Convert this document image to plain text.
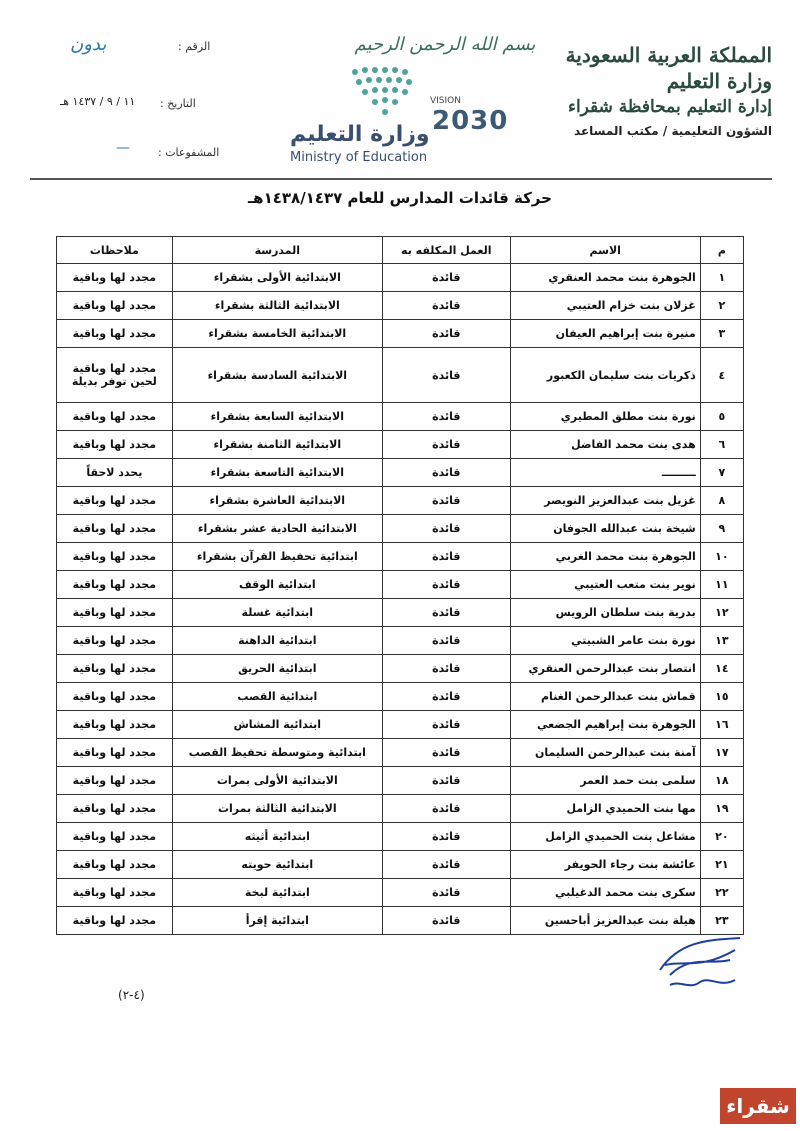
المملكة العربية السعودية
وزارة التعليم
إدارة التعليم بمحافظة شقراء
الشؤون التعليمية / مكتب المساعد
بسم الله الرحمن الرحيم
VISION
2030
وزارة التعليم
Ministry of Education
الرقم :
بدون
التاريخ :
١١ / ٩ / ١٤٣٧ هـ
المشفوعات :
—
حركة قائدات المدارس للعام ١٤٣٨/١٤٣٧هـ
م	الاسم	العمل المكلفه به	المدرسة	ملاحظات
١	الجوهرة بنت محمد العنقري	قائدة	الابتدائية الأولى بشقراء	مجدد لها وباقية
٢	غزلان بنت خزام العتيبي	قائدة	الابتدائية الثالثة بشقراء	مجدد لها وباقية
٣	منيرة بنت إبراهيم العيفان	قائدة	الابتدائية الخامسة بشقراء	مجدد لها وباقية
٤	ذكريات بنت سليمان الكعبور	قائدة	الابتدائية السادسة بشقراء	مجدد لها وباقية لحين توفر بديلة
٥	نورة بنت مطلق المطيري	قائدة	الابتدائية السابعة بشقراء	مجدد لها وباقية
٦	هدى بنت محمد الفاضل	قائدة	الابتدائية الثامنة بشقراء	مجدد لها وباقية
٧	ـــــــــ	قائدة	الابتدائية التاسعة بشقراء	يحدد لاحقاً
٨	غزيل بنت عبدالعزيز النويصر	قائدة	الابتدائية العاشرة بشقراء	مجدد لها وباقية
٩	شيخة بنت عبدالله الجوفان	قائدة	الابتدائية الحادية عشر بشقراء	مجدد لها وباقية
١٠	الجوهرة بنت محمد الغربي	قائدة	ابتدائية تحفيظ القرآن بشقراء	مجدد لها وباقية
١١	نوير بنت متعب العتيبي	قائدة	ابتدائية الوقف	مجدد لها وباقية
١٢	بدرية بنت سلطان الرويس	قائدة	ابتدائية غسلة	مجدد لها وباقية
١٣	نورة بنت عامر الشبيتي	قائدة	ابتدائية الداهنة	مجدد لها وباقية
١٤	انتصار بنت عبدالرحمن العنقري	قائدة	ابتدائية الحريق	مجدد لها وباقية
١٥	قماش بنت عبدالرحمن الغنام	قائدة	ابتدائية القصب	مجدد لها وباقية
١٦	الجوهرة بنت إبراهيم الجضعي	قائدة	ابتدائية المشاش	مجدد لها وباقية
١٧	آمنة بنت عبدالرحمن السليمان	قائدة	ابتدائية ومتوسطة تحفيظ القصب	مجدد لها وباقية
١٨	سلمى بنت حمد العمر	قائدة	الابتدائية الأولى بمرات	مجدد لها وباقية
١٩	مها بنت الحميدي الزامل	قائدة	الابتدائية الثالثة بمرات	مجدد لها وباقية
٢٠	مشاعل بنت الحميدي الزامل	قائدة	ابتدائية أثيثه	مجدد لها وباقية
٢١	عائشة بنت رجاء الحويفر	قائدة	ابتدائية حويته	مجدد لها وباقية
٢٢	سكرى بنت محمد الدغيلبي	قائدة	ابتدائية لبخة	مجدد لها وباقية
٢٣	هيلة بنت عبدالعزيز أباحسين	قائدة	ابتدائية إقرأ	مجدد لها وباقية
(٤-٢)
شقراء
